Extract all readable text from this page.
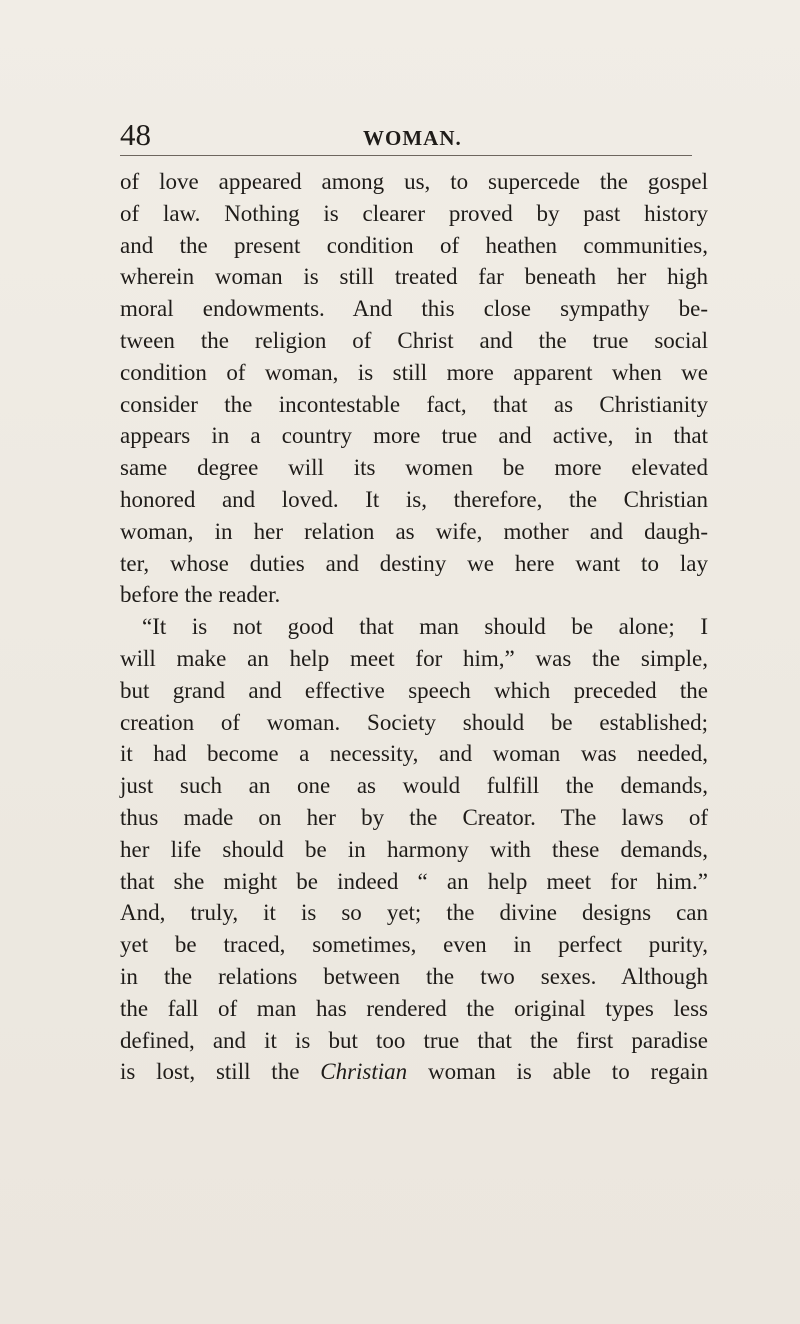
48	WOMAN.
of love appeared among us, to supercede the gospel
of law. Nothing is clearer proved by past history
and the present condition of heathen communities,
wherein woman is still treated far beneath her high
moral endowments. And this close sympathy be-
tween the religion of Christ and the true social
condition of woman, is still more apparent when we
consider the incontestable fact, that as Christianity
appears in a country more true and active, in that
same degree will its women be more elevated
honored and loved. It is, therefore, the Christian
woman, in her relation as wife, mother and daugh-
ter, whose duties and destiny we here want to lay
before the reader.
“It is not good that man should be alone; I
will make an help meet for him,” was the simple,
but grand and effective speech which preceded the
creation of woman. Society should be established;
it had become a necessity, and woman was needed,
just such an one as would fulfill the demands,
thus made on her by the Creator. The laws of
her life should be in harmony with these demands,
that she might be indeed “ an help meet for him.”
And, truly, it is so yet; the divine designs can
yet be traced, sometimes, even in perfect purity,
in the relations between the two sexes. Although
the fall of man has rendered the original types less
defined, and it is but too true that the first paradise
is lost, still the Christian woman is able to regain
